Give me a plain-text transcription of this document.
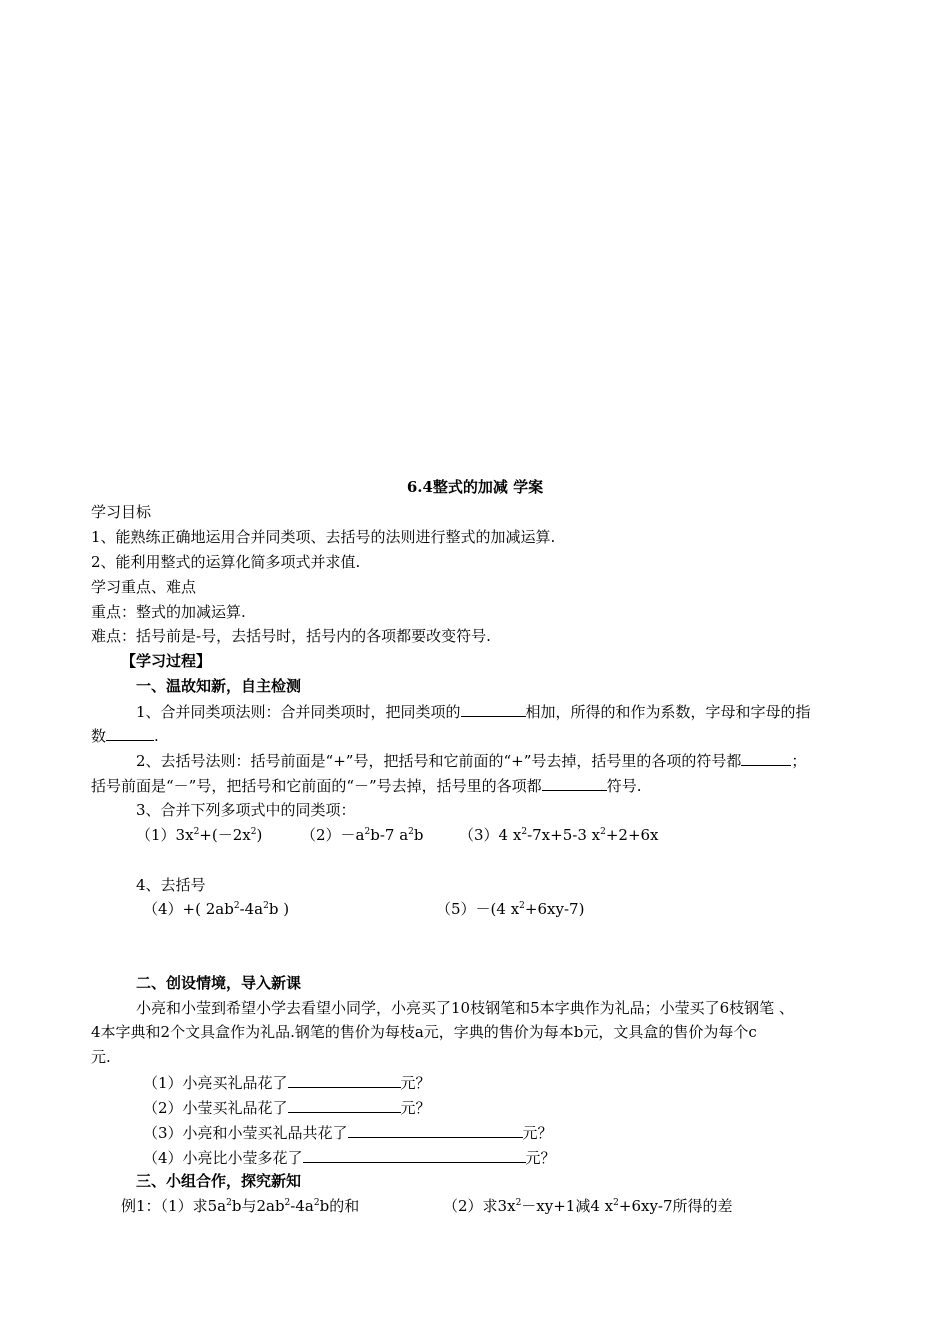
6.4整式的加减 学案
学习目标
1、能熟练正确地运用合并同类项、去括号的法则进行整式的加减运算.
2、能利用整式的运算化简多项式并求值.
学习重点、难点
重点：整式的加减运算.
难点：括号前是-号，去括号时，括号内的各项都要改变符号.
【学习过程】
一、温故知新，自主检测
1、合并同类项法则：合并同类项时，把同类项的	相加，所得的和作为系数，字母和字母的指
数	.
2、去括号法则：括号前面是“+”号，把括号和它前面的“+”号去掉，括号里的各项的符号都	；
括号前面是“－”号，把括号和它前面的“－”号去掉，括号里的各项都	符号.
3、合并下列多项式中的同类项：
$(1)3x^2+(-2x^2)$	$(2)-a^2b-7$ $a^2b$ （3）4 $x^2-7x+5-3$ $x^2+2+6x$
4、去括号
（4）+( $2ab^2-4a^2b$ )	（5）－(4 $x^2+6xy-7$)
二、创设情境，导入新课
小亮和小莹到希望小学去看望小同学，小亮买了10枝钢笔和5本字典作为礼品；小莹买了6枝钢笔 、
4本字典和2个文具盒作为礼品.钢笔的售价为每枝a元，字典的售价为每本b元，文具盒的售价为每个c
元.
（1）小亮买礼品花了	元？
（2）小莹买礼品花了	元？
（3）小亮和小莹买礼品共花了	元？
（4）小亮比小莹多花了	元？
三、小组合作，探究新知
例1：（1）求$5a^2b$与$2ab^2-4a^2b$的和	（2）求$3x^2-xy+1$减4 $x^2+6xy-7$所得的差
